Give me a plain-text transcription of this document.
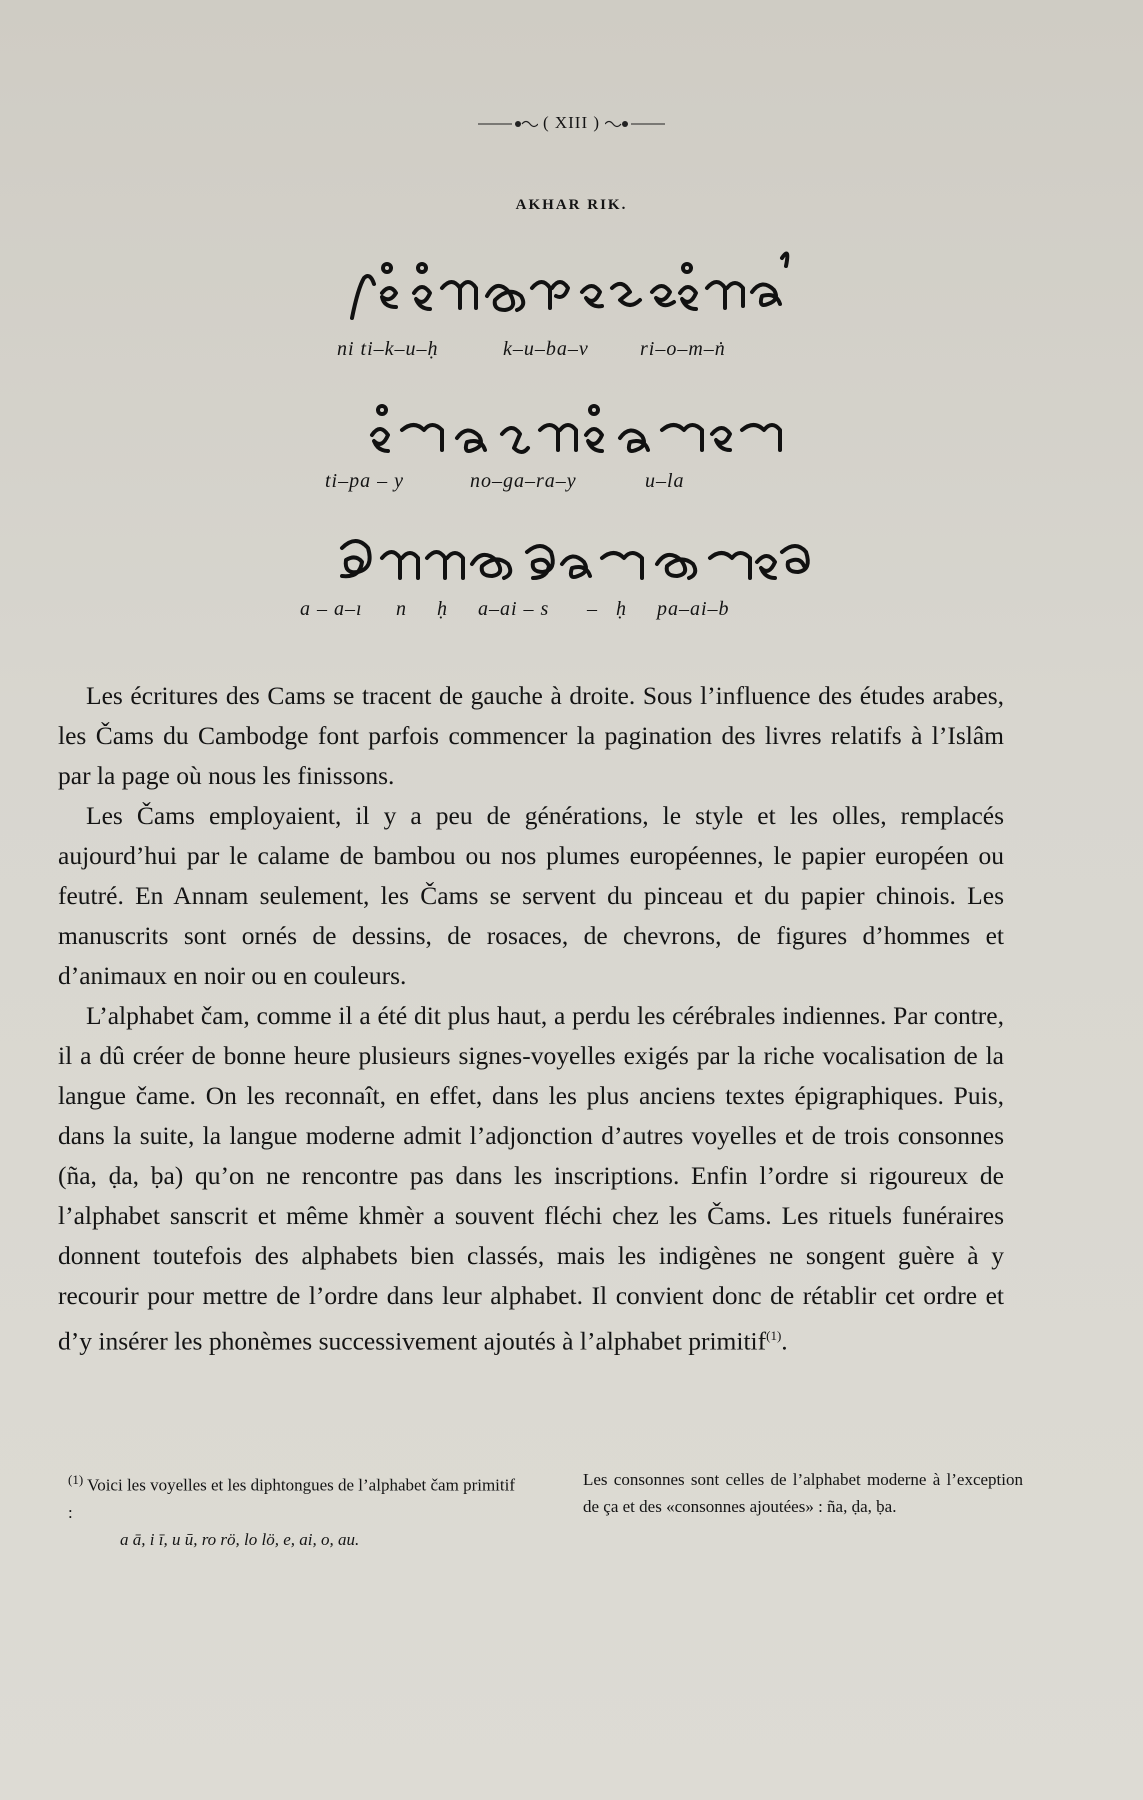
( XIII )
AKHAR RIK.
ni ti–k–u–ḥ	k–u–ba–v	ri–o–m–ṅ
ti–pa – y	no–ga–ra–y	u–la
a – a–ı n ḥ a–ai – s – ḥ pa–ai–b

Les écritures des Cams se tracent de gauche à droite. Sous l’influence des études arabes, les Čams du Cambodge font parfois commencer la pagination des livres relatifs à l’Islâm par la page où nous les finissons.

Les Čams employaient, il y a peu de générations, le style et les olles, remplacés aujourd’hui par le calame de bambou ou nos plumes européennes, le papier européen ou feutré. En Annam seulement, les Čams se servent du pinceau et du papier chinois. Les manuscrits sont ornés de dessins, de rosaces, de chevrons, de figures d’hommes et d’animaux en noir ou en couleurs.

L’alphabet čam, comme il a été dit plus haut, a perdu les cérébrales indiennes. Par contre, il a dû créer de bonne heure plusieurs signes-voyelles exigés par la riche vocalisation de la langue čame. On les reconnaît, en effet, dans les plus anciens textes épigraphiques. Puis, dans la suite, la langue moderne admit l’adjonction d’autres voyelles et de trois consonnes (ña, ḍa, ḅa) qu’on ne rencontre pas dans les inscriptions. Enfin l’ordre si rigoureux de l’alphabet sanscrit et même khmèr a souvent fléchi chez les Čams. Les rituels funéraires donnent toutefois des alphabets bien classés, mais les indigènes ne songent guère à y recourir pour mettre de l’ordre dans leur alphabet. Il convient donc de rétablir cet ordre et d’y insérer les phonèmes successivement ajoutés à l’alphabet primitif$^{(1)}$.

$^{(1)}$ Voici les voyelles et les diphtongues de l’alphabet čam primitif :

a ā, i ī, u ū, ro rö, lo lö, e, ai, o, au.

Les consonnes sont celles de l’alphabet moderne à l’exception de ça et des «consonnes ajoutées» : ña, ḍa, ḅa.
